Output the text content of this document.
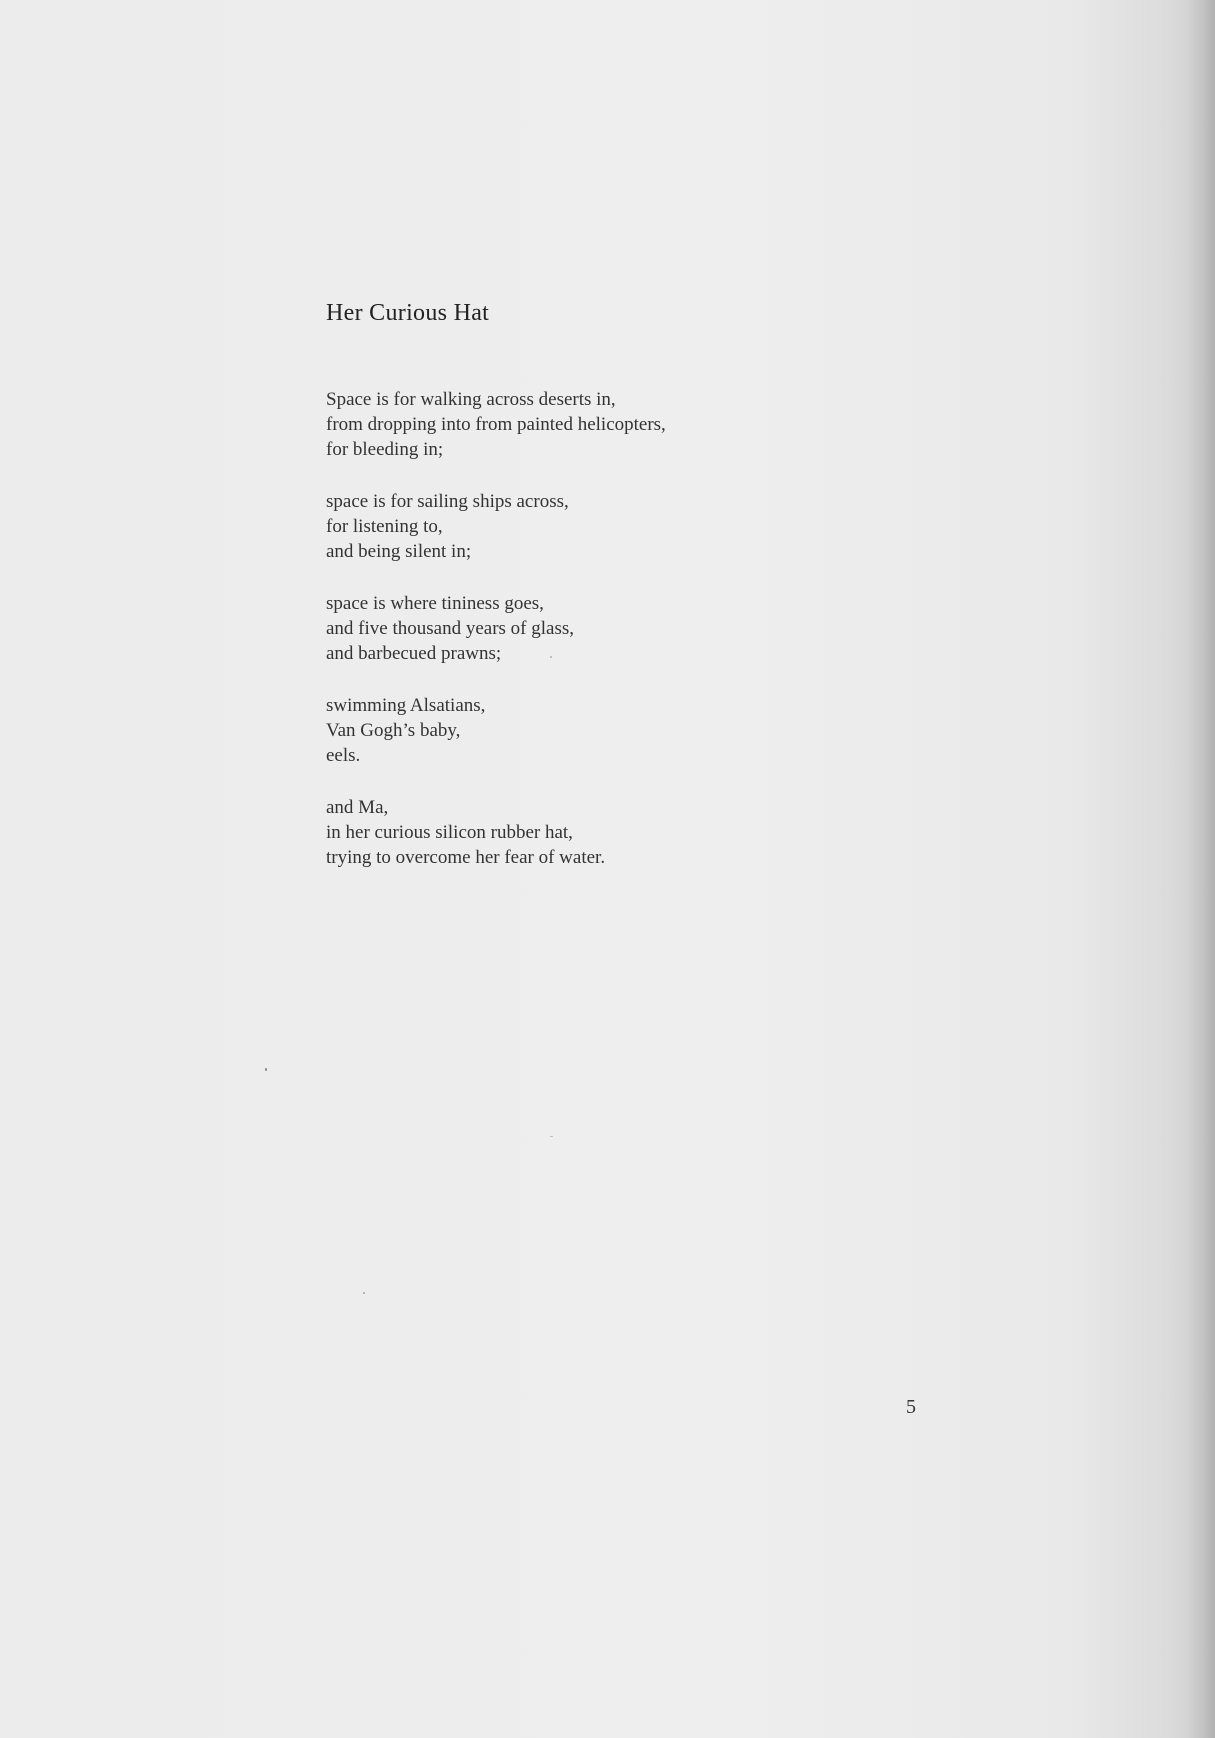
Her Curious Hat
Space is for walking across deserts in,
from dropping into from painted helicopters,
for bleeding in;
space is for sailing ships across,
for listening to,
and being silent in;
space is where tininess goes,
and five thousand years of glass,
and barbecued prawns;
swimming Alsatians,
Van Gogh’s baby,
eels.
and Ma,
in her curious silicon rubber hat,
trying to overcome her fear of water.
5
